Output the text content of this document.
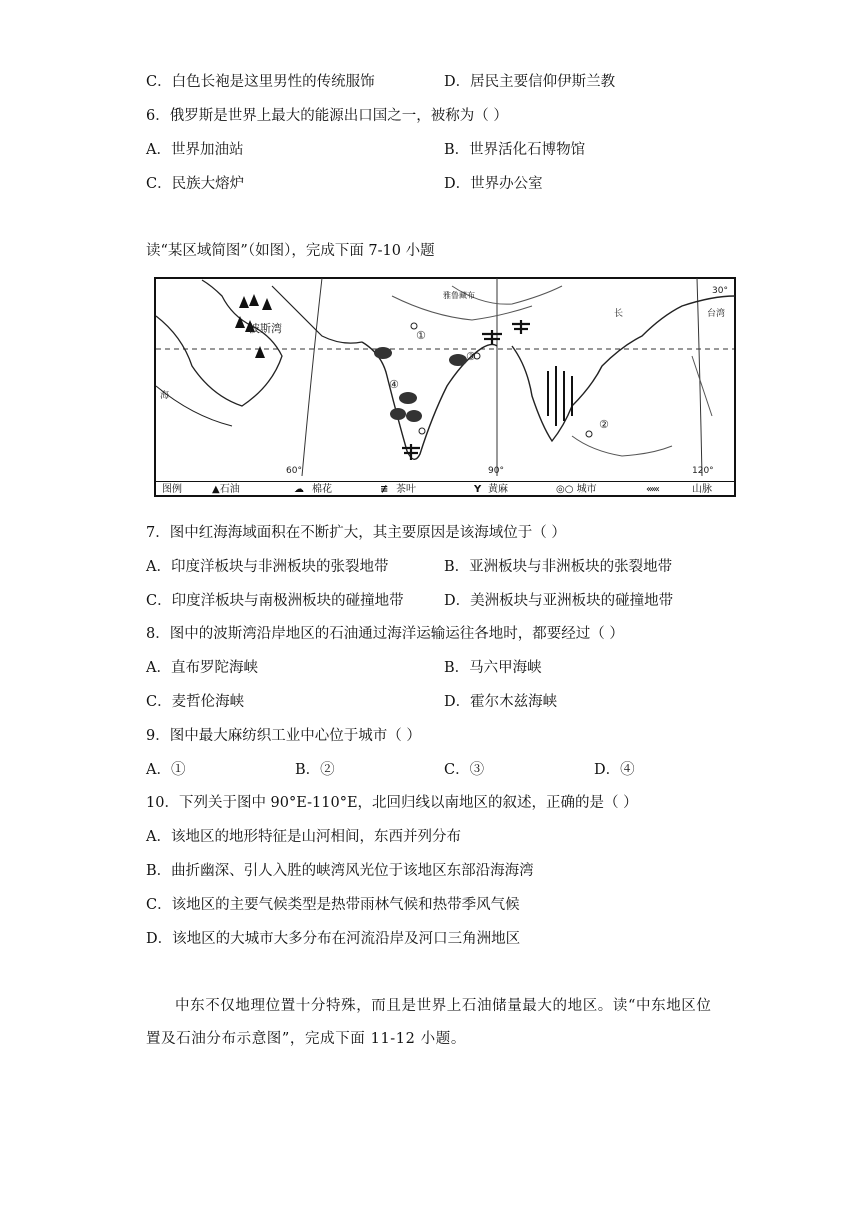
C．白色长袍是这里男性的传统服饰	D．居民主要信仰伊斯兰教
6．俄罗斯是世界上最大的能源出口国之一，被称为（ ）
A．世界加油站	B．世界活化石博物馆
C．民族大熔炉	D．世界办公室
读“某区域简图”（如图），完成下面 7-10 小题
波斯湾
雅鲁藏布
①
②
③
④
长	台湾
海
30°
60°	90°	120°
图例	▲石油	☁ 棉花	≢ 茶叶	Y 黄麻	◎○ 城市	‹‹‹‹‹‹	山脉
7．图中红海海域面积在不断扩大，其主要原因是该海域位于（ ）
A．印度洋板块与非洲板块的张裂地带	B．亚洲板块与非洲板块的张裂地带
C．印度洋板块与南极洲板块的碰撞地带	D．美洲板块与亚洲板块的碰撞地带
8．图中的波斯湾沿岸地区的石油通过海洋运输运往各地时，都要经过（ ）
A．直布罗陀海峡	B．马六甲海峡
C．麦哲伦海峡	D．霍尔木兹海峡
9．图中最大麻纺织工业中心位于城市（ ）
A．①	B．②	C．③	D．④
10．下列关于图中 90°E-110°E，北回归线以南地区的叙述，正确的是（ ）
A．该地区的地形特征是山河相间，东西并列分布
B．曲折幽深、引人入胜的峡湾风光位于该地区东部沿海海湾
C．该地区的主要气候类型是热带雨林气候和热带季风气候
D．该地区的大城市大多分布在河流沿岸及河口三角洲地区
中东不仅地理位置十分特殊，而且是世界上石油储量最大的地区。读“中东地区位
置及石油分布示意图”，完成下面 11-12 小题。
